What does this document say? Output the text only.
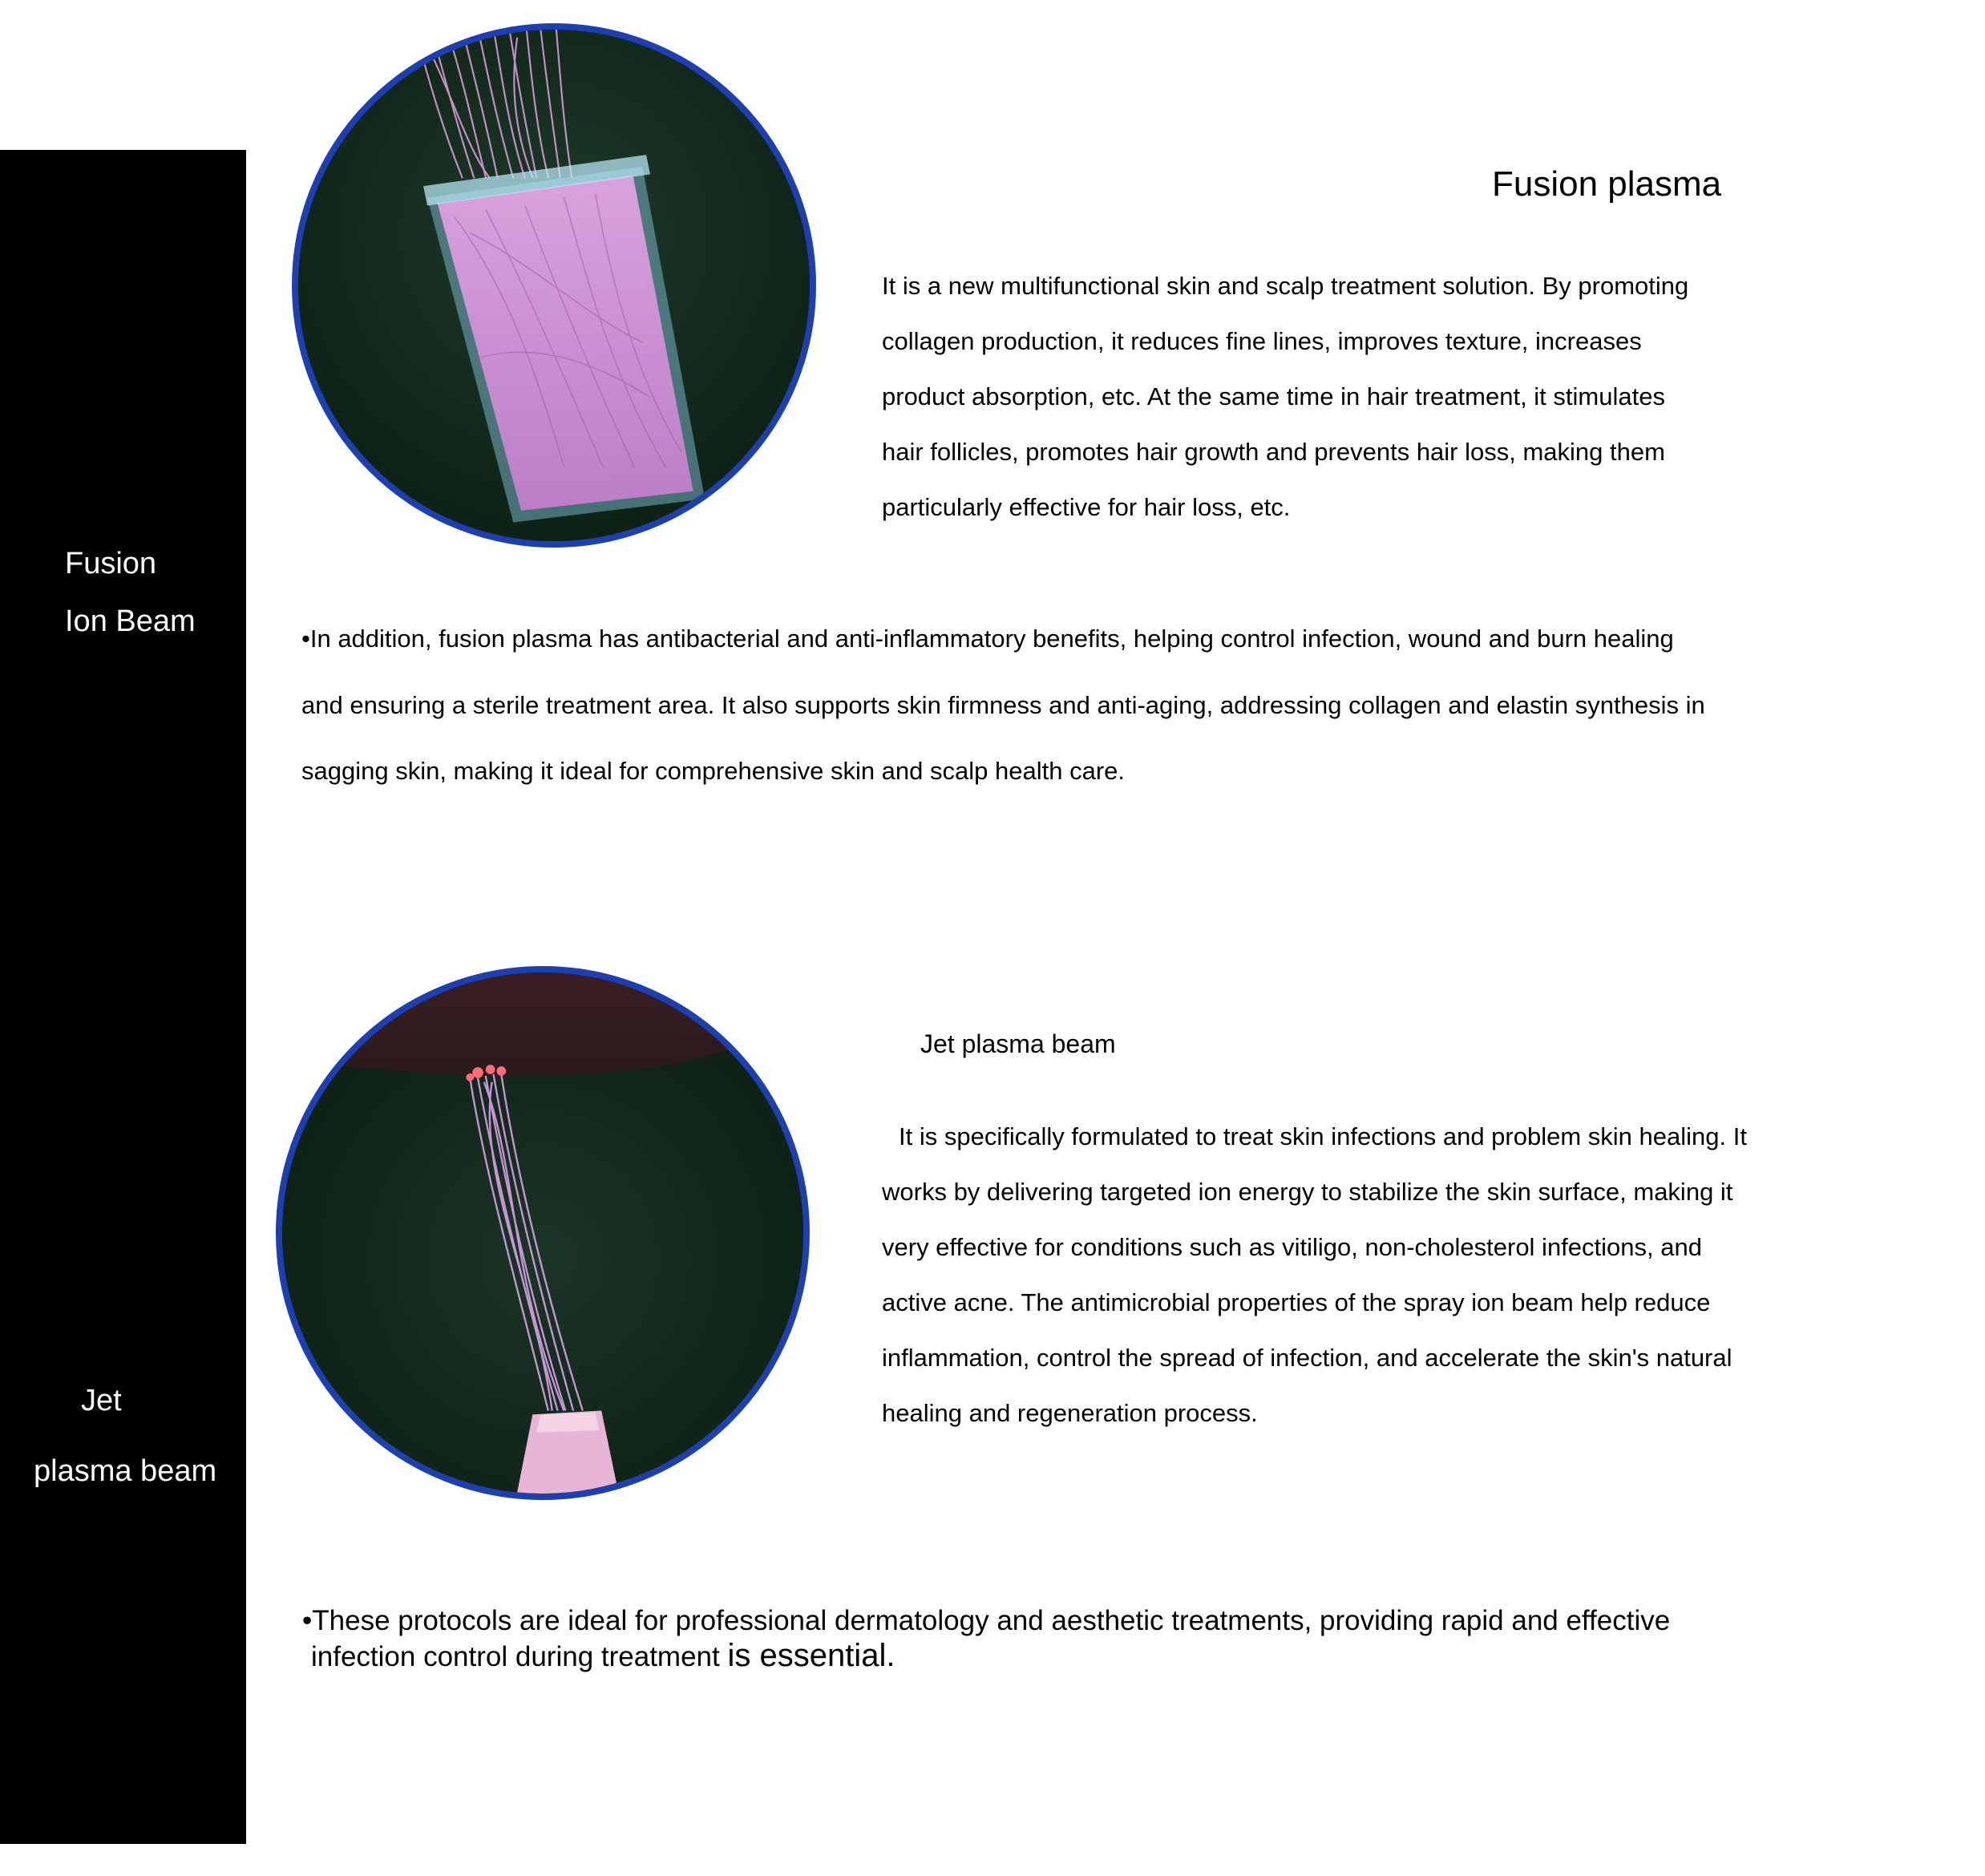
Fusion
Ion Beam
Jet
plasma beam
Fusion plasma
It is a new multifunctional skin and scalp treatment solution. By promoting
collagen production, it reduces fine lines, improves texture, increases
product absorption, etc. At the same time in hair treatment, it stimulates
hair follicles, promotes hair growth and prevents hair loss, making them
particularly effective for hair loss, etc.
•In addition, fusion plasma has antibacterial and anti-inflammatory benefits, helping control infection, wound and burn healing
and ensuring a sterile treatment area. It also supports skin firmness and anti-aging, addressing collagen and elastin synthesis in
sagging skin, making it ideal for comprehensive skin and scalp health care.
Jet plasma beam
It is specifically formulated to treat skin infections and problem skin healing. It
works by delivering targeted ion energy to stabilize the skin surface, making it
very effective for conditions such as vitiligo, non-cholesterol infections, and
active acne. The antimicrobial properties of the spray ion beam help reduce
inflammation, control the spread of infection, and accelerate the skin's natural
healing and regeneration process.
•These protocols are ideal for professional dermatology and aesthetic treatments, providing rapid and effective
infection control during treatment is essential.
